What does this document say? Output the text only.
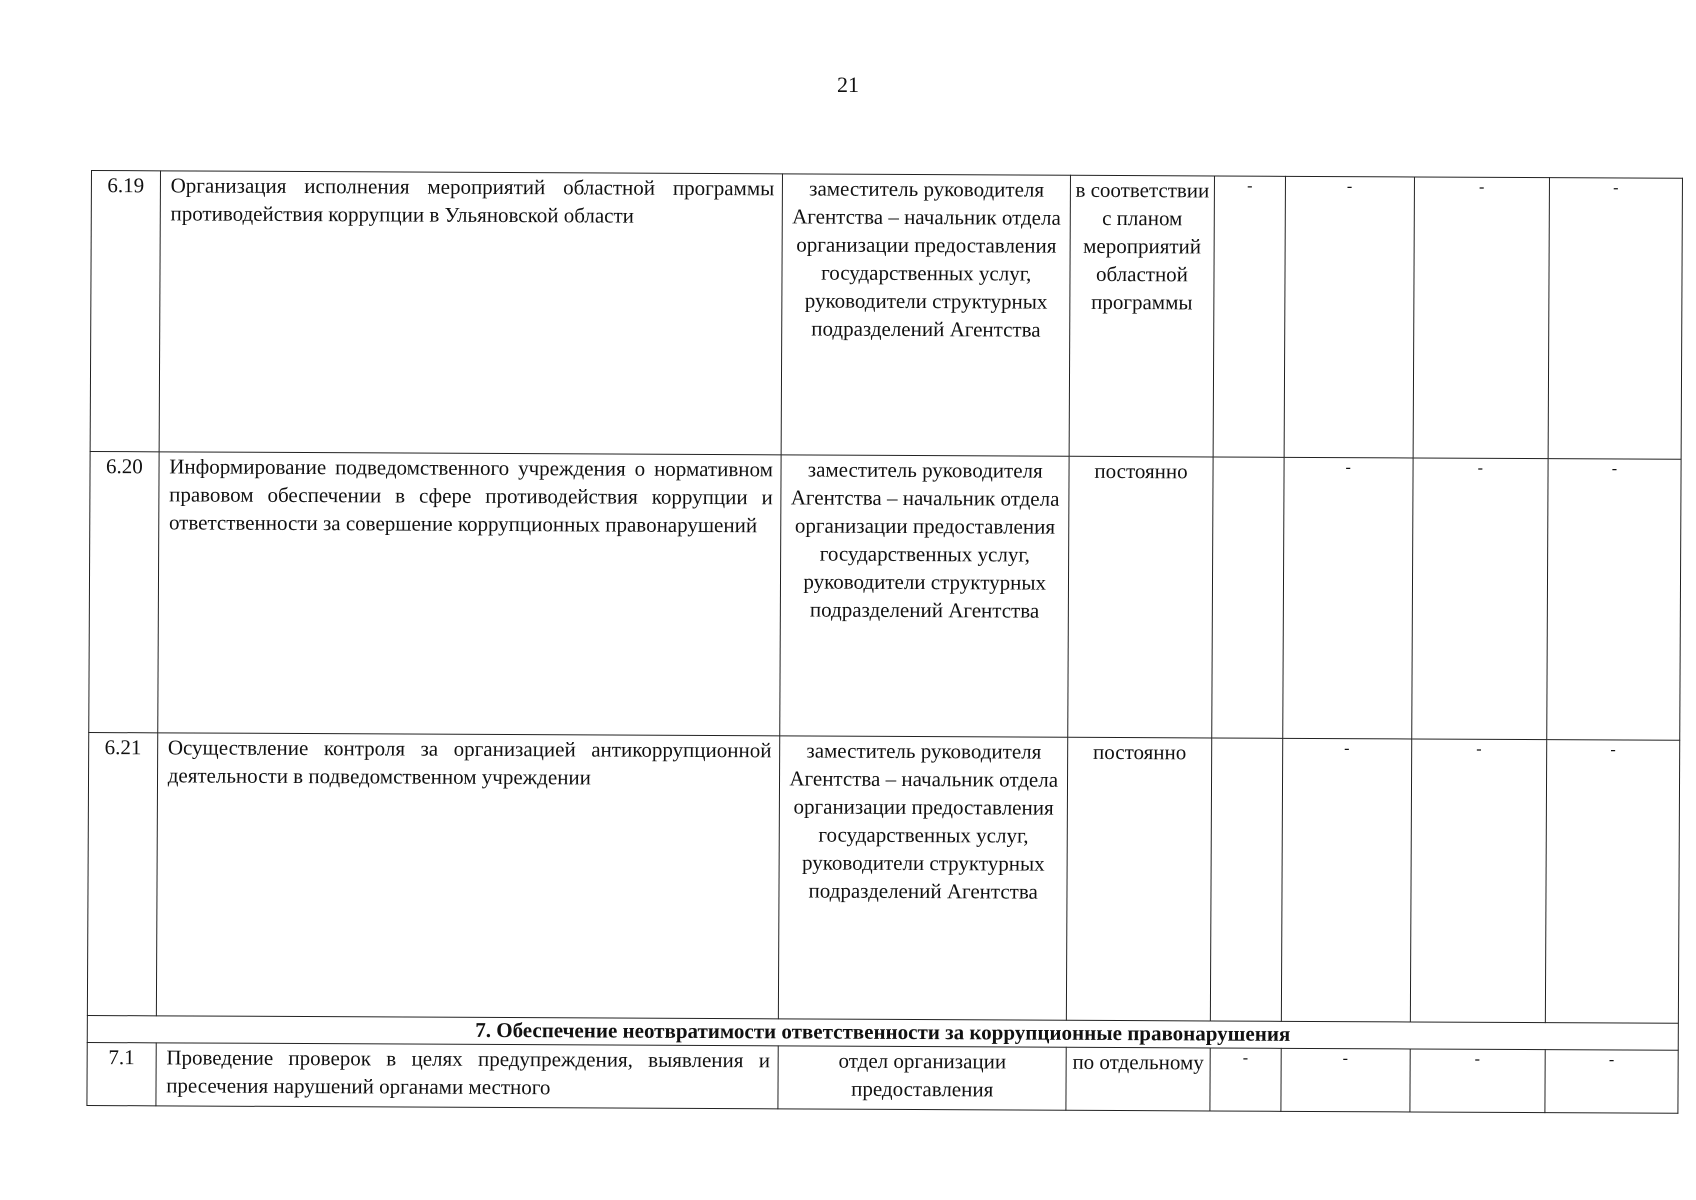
21
6.19	Организация исполнения мероприятий областной программы противодействия коррупции в Ульяновской области	заместитель руководителя Агентства – начальник отдела организации предоставления государственных услуг, руководители структурных подразделений Агентства	в соответствии с планом мероприятий областной программы	-	-	-	-

6.20	Информирование подведомственного учреждения о нормативном правовом обеспечении в сфере противодействия коррупции и ответственности за совершение коррупционных правонарушений	заместитель руководителя Агентства – начальник отдела организации предоставления государственных услуг, руководители структурных подразделений Агентства	постоянно		-	-	-

6.21	Осуществление контроля за организацией антикоррупционной деятельности в подведомственном учреждении	заместитель руководителя Агентства – начальник отдела организации предоставления государственных услуг, руководители структурных подразделений Агентства	постоянно		-	-	-

7. Обеспечение неотвратимости ответственности за коррупционные правонарушения							

7.1	Проведение проверок в целях предупреждения, выявления и пресечения нарушений органами местного	отдел организации предоставления	по отдельному	-	-	-	-
